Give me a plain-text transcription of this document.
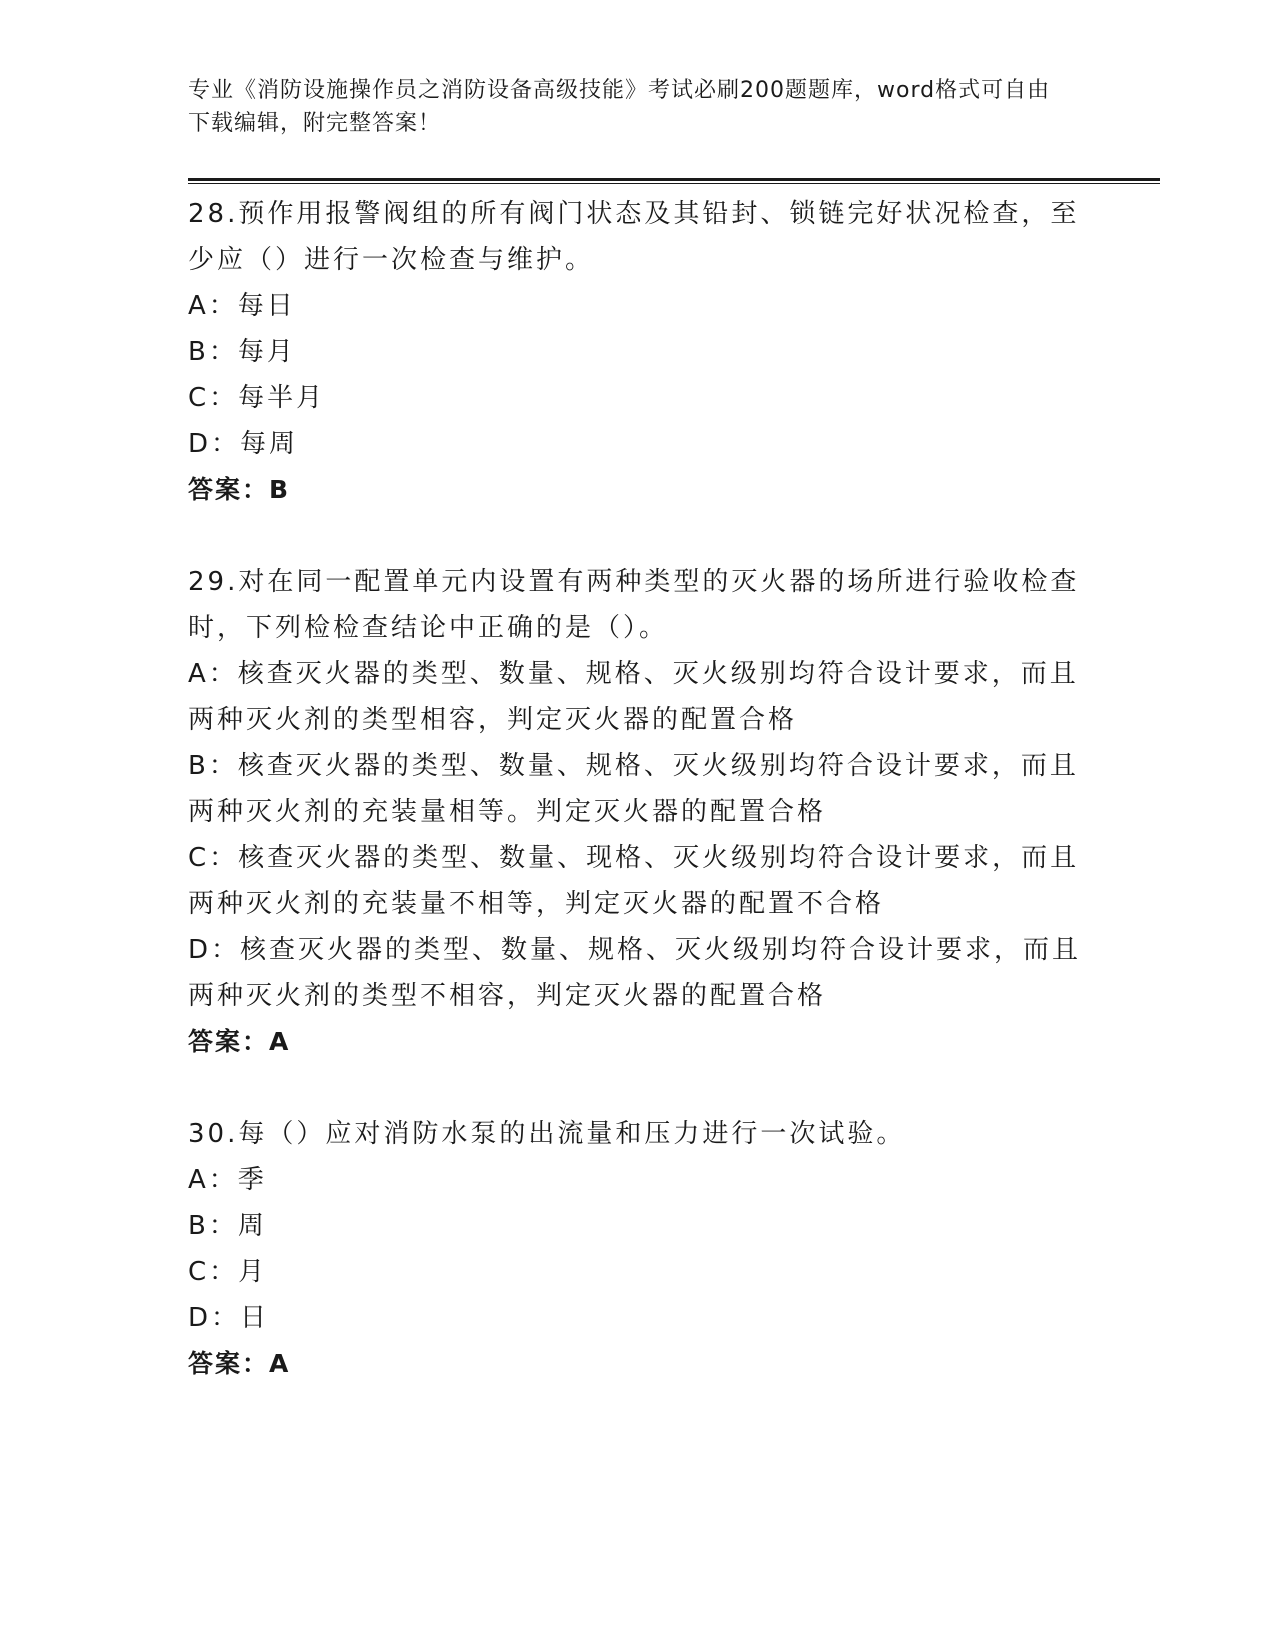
专业《消防设施操作员之消防设备高级技能》考试必刷200题题库，word格式可自由下载编辑，附完整答案！

28.预作用报警阀组的所有阀门状态及其铅封、锁链完好状况检查，至少应（）进行一次检查与维护。

A：每日

B：每月

C：每半月

D：每周

答案：B

29.对在同一配置单元内设置有两种类型的灭火器的场所进行验收检查时，下列检检查结论中正确的是（）。

A：核查灭火器的类型、数量、规格、灭火级别均符合设计要求，而且两种灭火剂的类型相容，判定灭火器的配置合格

B：核查灭火器的类型、数量、规格、灭火级别均符合设计要求，而且两种灭火剂的充装量相等。判定灭火器的配置合格

C：核查灭火器的类型、数量、现格、灭火级别均符合设计要求，而且两种灭火剂的充装量不相等，判定灭火器的配置不合格

D：核查灭火器的类型、数量、规格、灭火级别均符合设计要求，而且两种灭火剂的类型不相容，判定灭火器的配置合格

答案：A

30.每（）应对消防水泵的出流量和压力进行一次试验。

A：季

B：周

C：月

D：日

答案：A
